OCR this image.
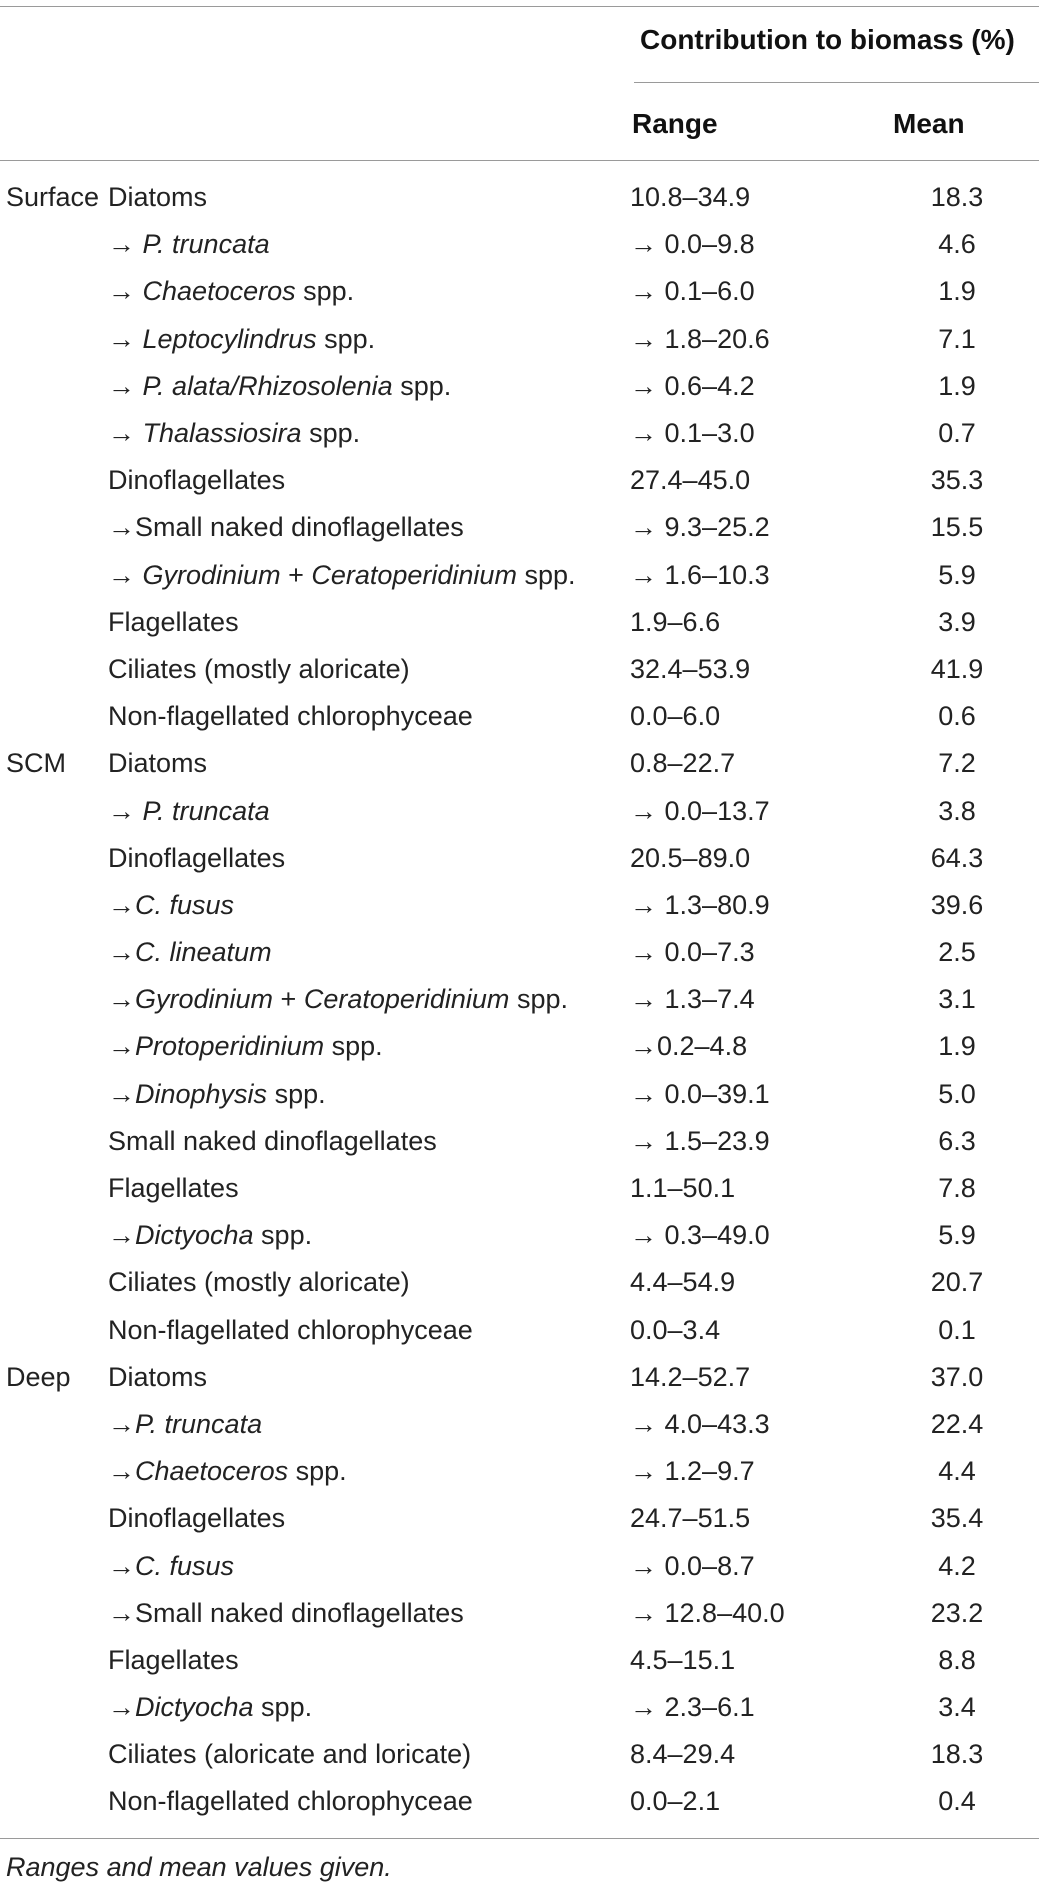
Contribution to biomass (%)
Range	Mean
Surface	Diatoms	10.8–34.9	18.3
	→ P. truncata	→ 0.0–9.8	4.6
	→ Chaetoceros spp.	→ 0.1–6.0	1.9
	→ Leptocylindrus spp.	→ 1.8–20.6	7.1
	→ P. alata/Rhizosolenia spp.	→ 0.6–4.2	1.9
	→ Thalassiosira spp.	→ 0.1–3.0	0.7
	Dinoflagellates	27.4–45.0	35.3
	→Small naked dinoflagellates	→ 9.3–25.2	15.5
	→ Gyrodinium + Ceratoperidinium spp.	→ 1.6–10.3	5.9
	Flagellates	1.9–6.6	3.9
	Ciliates (mostly aloricate)	32.4–53.9	41.9
	Non-flagellated chlorophyceae	0.0–6.0	0.6
SCM	Diatoms	0.8–22.7	7.2
	→ P. truncata	→ 0.0–13.7	3.8
	Dinoflagellates	20.5–89.0	64.3
	→C. fusus	→ 1.3–80.9	39.6
	→C. lineatum	→ 0.0–7.3	2.5
	→Gyrodinium + Ceratoperidinium spp.	→ 1.3–7.4	3.1
	→Protoperidinium spp.	→0.2–4.8	1.9
	→Dinophysis spp.	→ 0.0–39.1	5.0
	Small naked dinoflagellates	→ 1.5–23.9	6.3
	Flagellates	1.1–50.1	7.8
	→Dictyocha spp.	→ 0.3–49.0	5.9
	Ciliates (mostly aloricate)	4.4–54.9	20.7
	Non-flagellated chlorophyceae	0.0–3.4	0.1
Deep	Diatoms	14.2–52.7	37.0
	→P. truncata	→ 4.0–43.3	22.4
	→Chaetoceros spp.	→ 1.2–9.7	4.4
	Dinoflagellates	24.7–51.5	35.4
	→C. fusus	→ 0.0–8.7	4.2
	→Small naked dinoflagellates	→ 12.8–40.0	23.2
	Flagellates	4.5–15.1	8.8
	→Dictyocha spp.	→ 2.3–6.1	3.4
	Ciliates (aloricate and loricate)	8.4–29.4	18.3
	Non-flagellated chlorophyceae	0.0–2.1	0.4
Ranges and mean values given.
